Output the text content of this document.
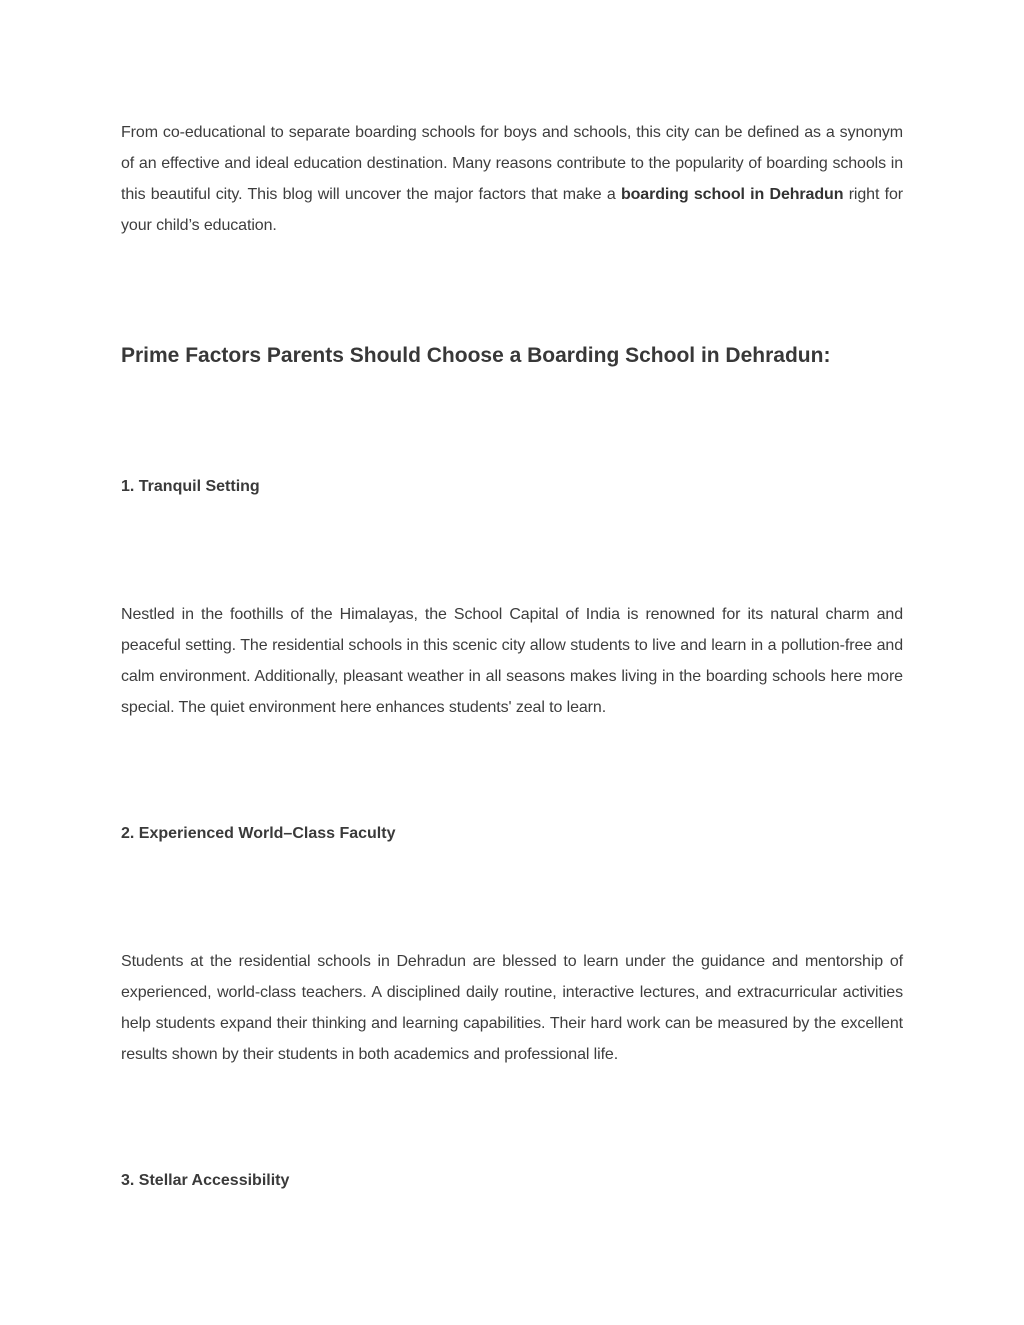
From co-educational to separate boarding schools for boys and schools, this city can be defined as a synonym of an effective and ideal education destination. Many reasons contribute to the popularity of boarding schools in this beautiful city. This blog will uncover the major factors that make a boarding school in Dehradun right for your child’s education.

Prime Factors Parents Should Choose a Boarding School in Dehradun:
1. Tranquil Setting

Nestled in the foothills of the Himalayas, the School Capital of India is renowned for its natural charm and peaceful setting. The residential schools in this scenic city allow students to live and learn in a pollution-free and calm environment. Additionally, pleasant weather in all seasons makes living in the boarding schools here more special. The quiet environment here enhances students' zeal to learn.

2. Experienced World–Class Faculty

Students at the residential schools in Dehradun are blessed to learn under the guidance and mentorship of experienced, world-class teachers. A disciplined daily routine, interactive lectures, and extracurricular activities help students expand their thinking and learning capabilities. Their hard work can be measured by the excellent results shown by their students in both academics and professional life.

3. Stellar Accessibility
